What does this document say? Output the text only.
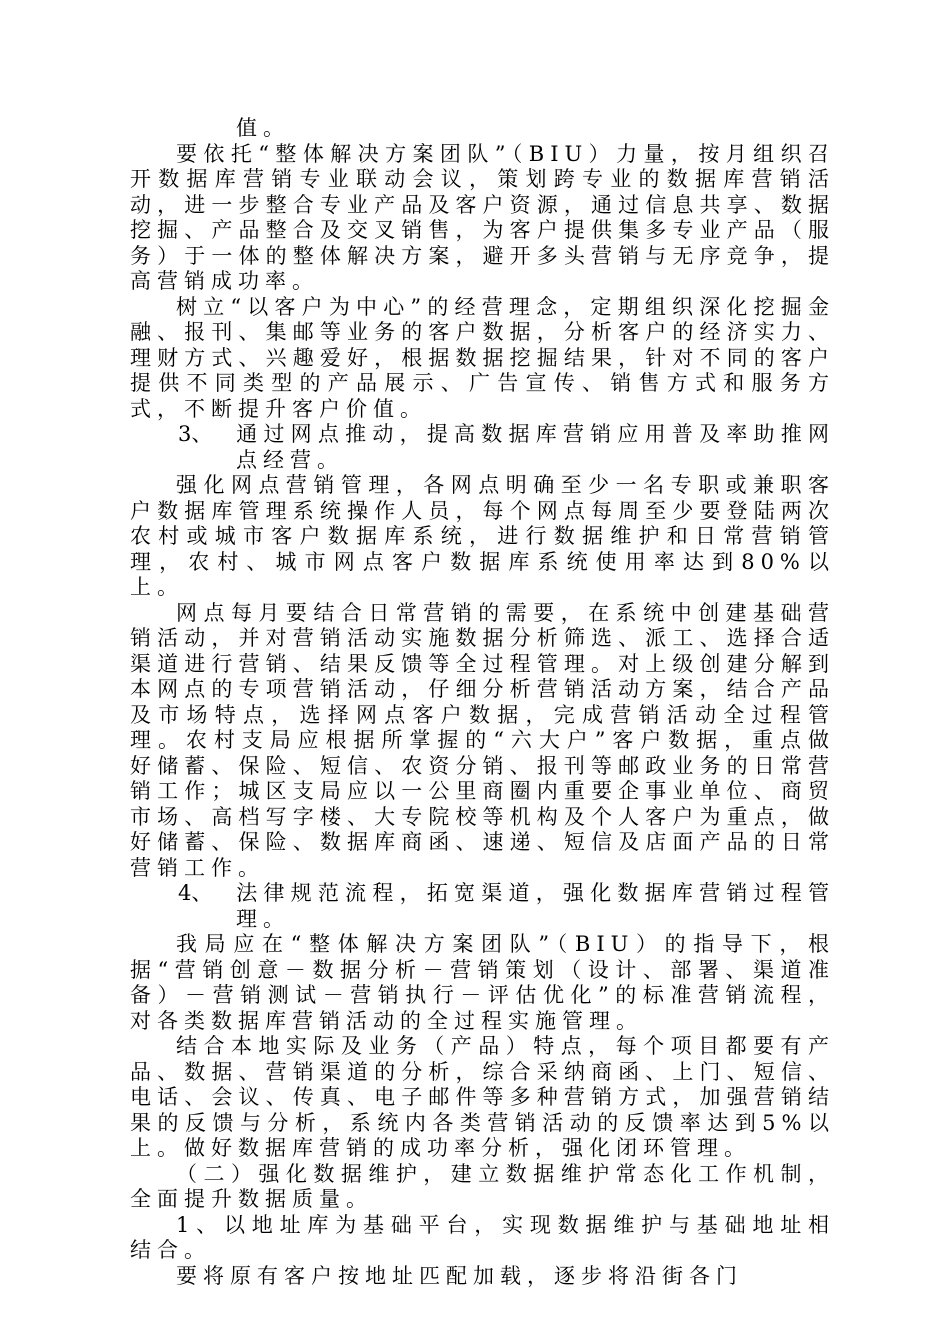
值。

要依托“整体解决方案团队”（BIU）力量，按月组织召开数据库营销专业联动会议，策划跨专业的数据库营销活动，进一步整合专业产品及客户资源，通过信息共享、数据挖掘、产品整合及交叉销售，为客户提供集多专业产品（服务）于一体的整体解决方案，避开多头营销与无序竞争，提高营销成功率。

树立“以客户为中心”的经营理念，定期组织深化挖掘金融、报刊、集邮等业务的客户数据，分析客户的经济实力、理财方式、兴趣爱好，根据数据挖掘结果，针对不同的客户提供不同类型的产品展示、广告宣传、销售方式和服务方式，不断提升客户价值。

3、 通过网点推动，提高数据库营销应用普及率助推网点经营。

强化网点营销管理，各网点明确至少一名专职或兼职客户数据库管理系统操作人员，每个网点每周至少要登陆两次农村或城市客户数据库系统，进行数据维护和日常营销管理，农村、城市网点客户数据库系统使用率达到80%以上。

网点每月要结合日常营销的需要，在系统中创建基础营销活动，并对营销活动实施数据分析筛选、派工、选择合适渠道进行营销、结果反馈等全过程管理。对上级创建分解到本网点的专项营销活动，仔细分析营销活动方案，结合产品及市场特点，选择网点客户数据，完成营销活动全过程管理。农村支局应根据所掌握的“六大户”客户数据，重点做好储蓄、保险、短信、农资分销、报刊等邮政业务的日常营销工作；城区支局应以一公里商圈内重要企事业单位、商贸市场、高档写字楼、大专院校等机构及个人客户为重点，做好储蓄、保险、数据库商函、速递、短信及店面产品的日常营销工作。

4、 法律规范流程，拓宽渠道，强化数据库营销过程管理。

我局应在“整体解决方案团队”（BIU）的指导下，根据“营销创意－数据分析－营销策划（设计、部署、渠道准备）－营销测试－营销执行－评估优化”的标准营销流程，对各类数据库营销活动的全过程实施管理。

结合本地实际及业务（产品）特点，每个项目都要有产品、数据、营销渠道的分析，综合采纳商函、上门、短信、电话、会议、传真、电子邮件等多种营销方式，加强营销结果的反馈与分析，系统内各类营销活动的反馈率达到5%以上。做好数据库营销的成功率分析，强化闭环管理。

（二）强化数据维护，建立数据维护常态化工作机制，全面提升数据质量。

1、以地址库为基础平台，实现数据维护与基础地址相结合。

要将原有客户按地址匹配加载，逐步将沿街各门
